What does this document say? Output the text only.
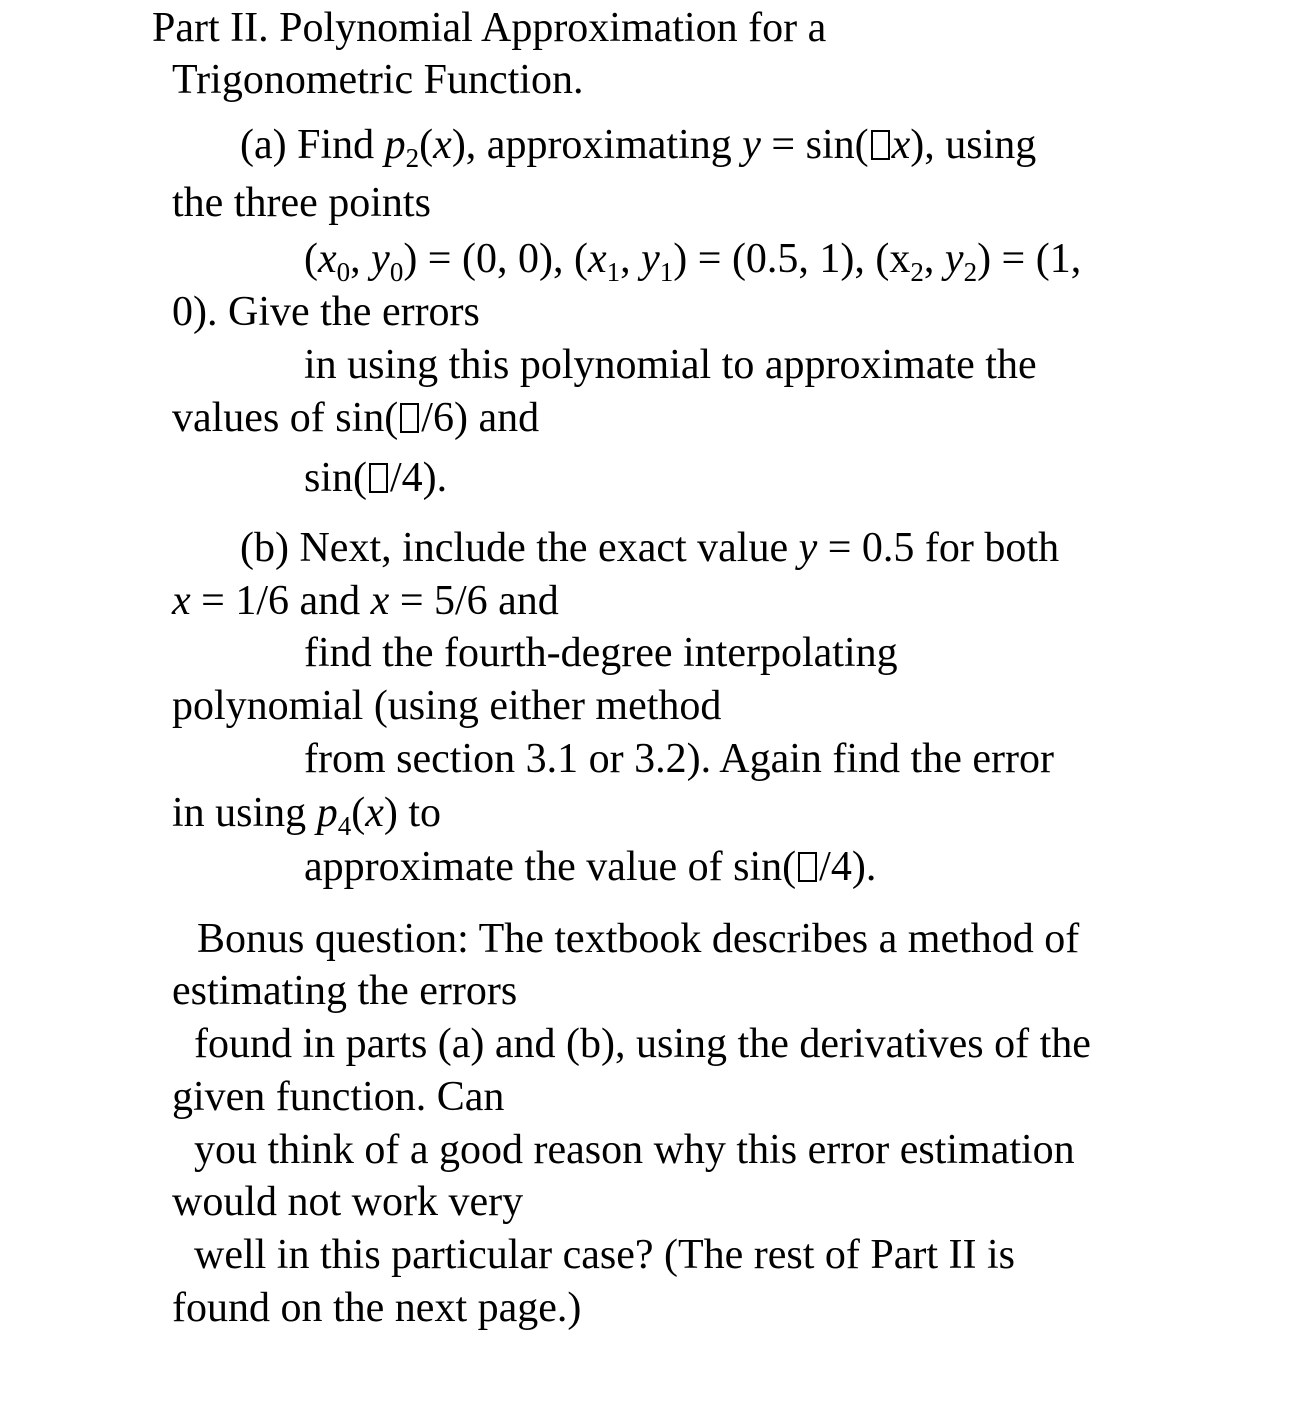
Part II. Polynomial Approximation for a
Trigonometric Function.
(a) Find $p_2(x)$, approximating y = sin( x), using
the three points
($x_0$, $y_0) = (0$, 0), ($x_1$, $y_1) = (0.5$, 1), ($x_2$, $y_2) = (1$,
0). Give the errors
in using this polynomial to approximate the
values of sin( /6) and
sin( /4).
(b) Next, include the exact value y = 0.5 for both
x = 1/6 and x = 5/6 and
find the fourth-degree interpolating
polynomial (using either method
from section 3.1 or 3.2). Again find the error
in using $p_4(x)$ to
approximate the value of sin( /4).
Bonus question: The textbook describes a method of
estimating the errors
found in parts (a) and (b), using the derivatives of the
given function. Can
you think of a good reason why this error estimation
would not work very
well in this particular case? (The rest of Part II is
found on the next page.)
